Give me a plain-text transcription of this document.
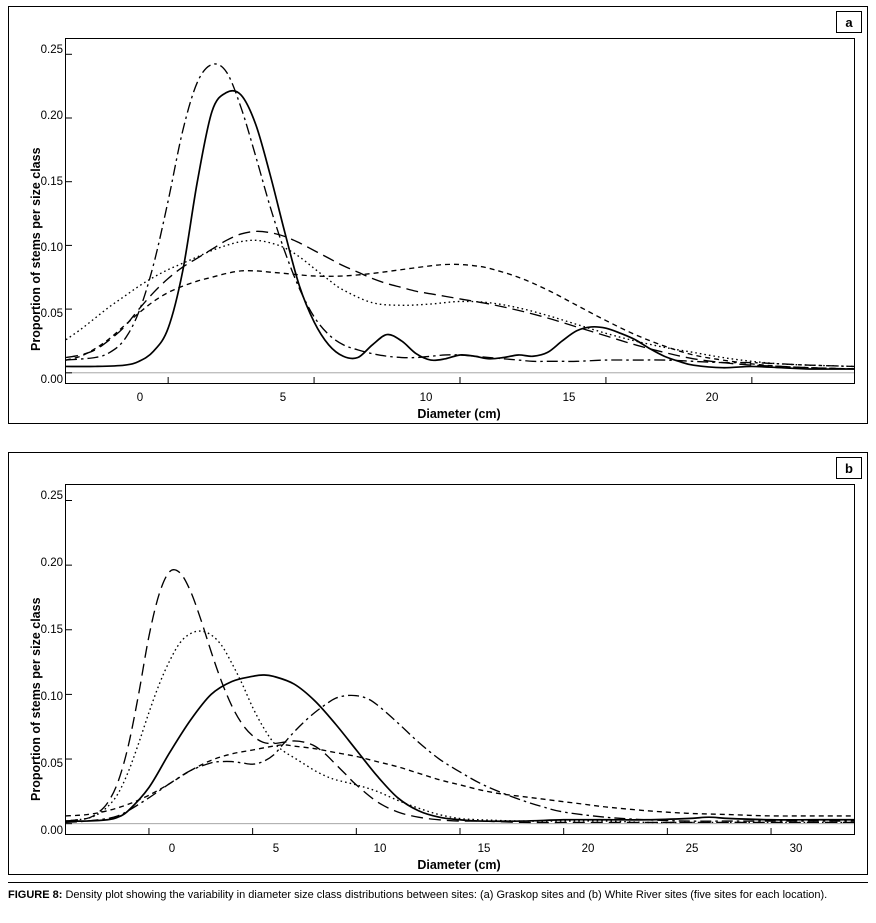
a
Proportion of stems per size class
0.00
0.05
0.10
0.15
0.20
0.25
0	5	10	15	20
Diameter (cm)
b
Proportion of stems per size class
0.00
0.05
0.10
0.15
0.20
0.25
0	5	10	15	20	25	30
Diameter (cm)
FIGURE 8: Density plot showing the variability in diameter size class distributions between sites: (a) Graskop sites and (b) White River sites (five sites for each location).
